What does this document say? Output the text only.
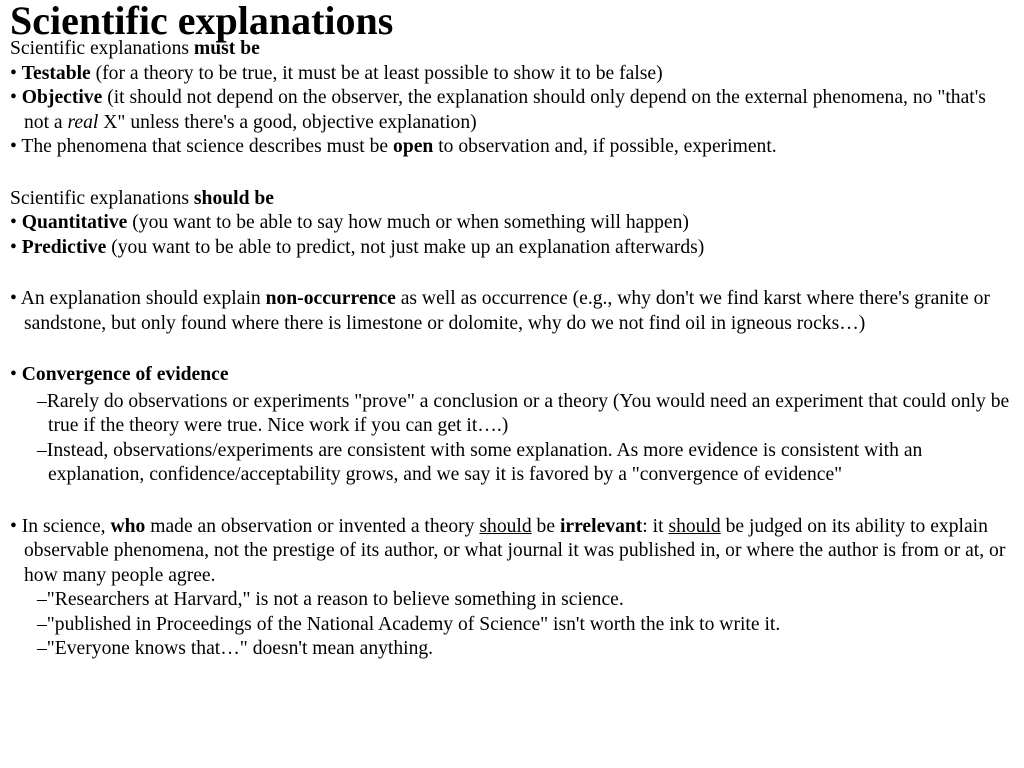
Scientific explanations

Scientific explanations must be

• Testable (for a theory to be true, it must be at least possible to show it to be false)

• Objective (it should not depend on the observer, the explanation should only depend on the external phenomena, no "that's not a real X" unless there's a good, objective explanation)

• The phenomena that science describes must be open to observation and, if possible, experiment.

Scientific explanations should be

• Quantitative (you want to be able to say how much or when something will happen)

• Predictive (you want to be able to predict, not just make up an explanation afterwards)

• An explanation should explain non-occurrence as well as occurrence (e.g., why don't we find karst where there's granite or sandstone, but only found where there is limestone or dolomite, why do we not find oil in igneous rocks…)

• Convergence of evidence

–Rarely do observations or experiments "prove" a conclusion or a theory (You would need an experiment that could only be true if the theory were true. Nice work if you can get it….)

–Instead, observations/experiments are consistent with some explanation. As more evidence is consistent with an explanation, confidence/acceptability grows, and we say it is favored by a "convergence of evidence"

• In science, who made an observation or invented a theory should be irrelevant: it should be judged on its ability to explain observable phenomena, not the prestige of its author, or what journal it was published in, or where the author is from or at, or how many people agree.

–"Researchers at Harvard," is not a reason to believe something in science.

–"published in Proceedings of the National Academy of Science" isn't worth the ink to write it.

–"Everyone knows that…" doesn't mean anything.
